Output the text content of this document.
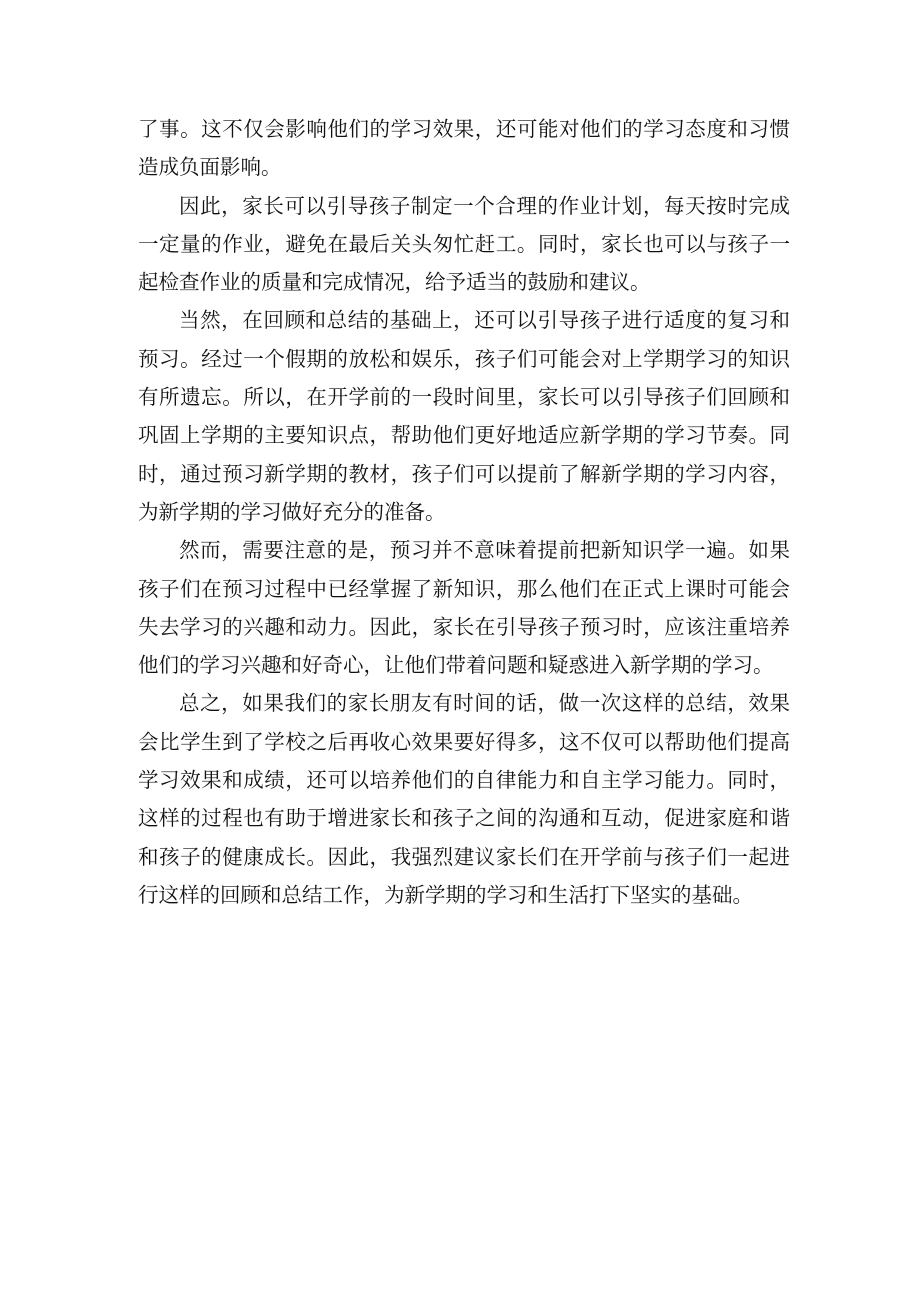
了事。这不仅会影响他们的学习效果，还可能对他们的学习态度和习惯造成负面影响。

因此，家长可以引导孩子制定一个合理的作业计划，每天按时完成一定量的作业，避免在最后关头匆忙赶工。同时，家长也可以与孩子一起检查作业的质量和完成情况，给予适当的鼓励和建议。

当然，在回顾和总结的基础上，还可以引导孩子进行适度的复习和预习。经过一个假期的放松和娱乐，孩子们可能会对上学期学习的知识有所遗忘。所以，在开学前的一段时间里，家长可以引导孩子们回顾和巩固上学期的主要知识点，帮助他们更好地适应新学期的学习节奏。同时，通过预习新学期的教材，孩子们可以提前了解新学期的学习内容，为新学期的学习做好充分的准备。

然而，需要注意的是，预习并不意味着提前把新知识学一遍。如果孩子们在预习过程中已经掌握了新知识，那么他们在正式上课时可能会失去学习的兴趣和动力。因此，家长在引导孩子预习时，应该注重培养他们的学习兴趣和好奇心，让他们带着问题和疑惑进入新学期的学习。

总之，如果我们的家长朋友有时间的话，做一次这样的总结，效果会比学生到了学校之后再收心效果要好得多，这不仅可以帮助他们提高学习效果和成绩，还可以培养他们的自律能力和自主学习能力。同时，这样的过程也有助于增进家长和孩子之间的沟通和互动，促进家庭和谐和孩子的健康成长。因此，我强烈建议家长们在开学前与孩子们一起进行这样的回顾和总结工作，为新学期的学习和生活打下坚实的基础。
